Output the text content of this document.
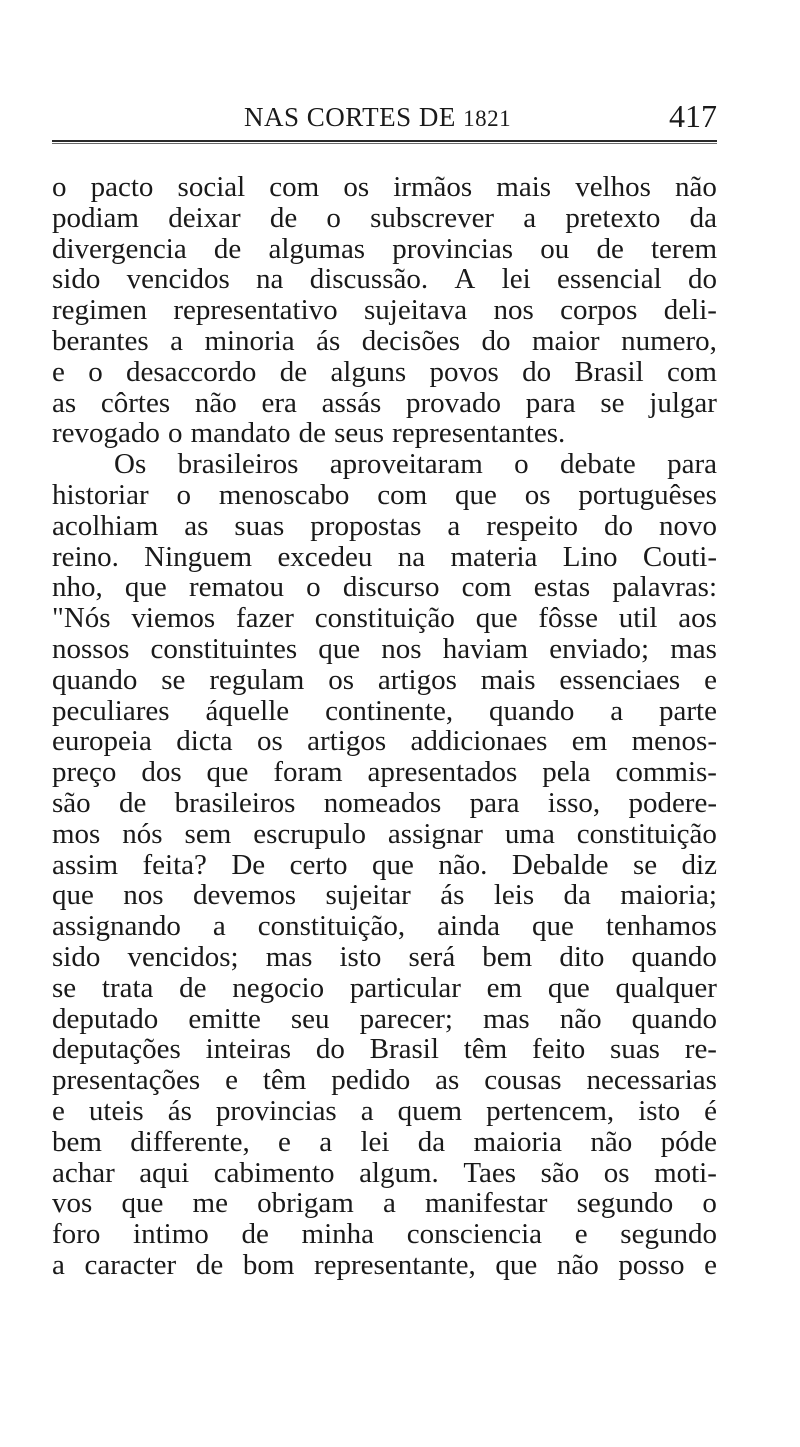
NAS CORTES DE 1821	417
o pacto social com os irmãos mais velhos não
podiam deixar de o subscrever a pretexto da
divergencia de algumas provincias ou de terem
sido vencidos na discussão. A lei essencial do
regimen representativo sujeitava nos corpos deli-
berantes a minoria ás decisões do maior numero,
e o desaccordo de alguns povos do Brasil com
as côrtes não era assás provado para se julgar
revogado o mandato de seus representantes.
Os brasileiros aproveitaram o debate para
historiar o menoscabo com que os portuguêses
acolhiam as suas propostas a respeito do novo
reino. Ninguem excedeu na materia Lino Couti-
nho, que rematou o discurso com estas palavras:
"Nós viemos fazer constituição que fôsse util aos
nossos constituintes que nos haviam enviado; mas
quando se regulam os artigos mais essenciaes e
peculiares áquelle continente, quando a parte
europeia dicta os artigos addicionaes em menos-
preço dos que foram apresentados pela commis-
são de brasileiros nomeados para isso, podere-
mos nós sem escrupulo assignar uma constituição
assim feita? De certo que não. Debalde se diz
que nos devemos sujeitar ás leis da maioria;
assignando a constituição, ainda que tenhamos
sido vencidos; mas isto será bem dito quando
se trata de negocio particular em que qualquer
deputado emitte seu parecer; mas não quando
deputações inteiras do Brasil têm feito suas re-
presentações e têm pedido as cousas necessarias
e uteis ás provincias a quem pertencem, isto é
bem differente, e a lei da maioria não póde
achar aqui cabimento algum. Taes são os moti-
vos que me obrigam a manifestar segundo o
foro intimo de minha consciencia e segundo
a caracter de bom representante, que não posso e
